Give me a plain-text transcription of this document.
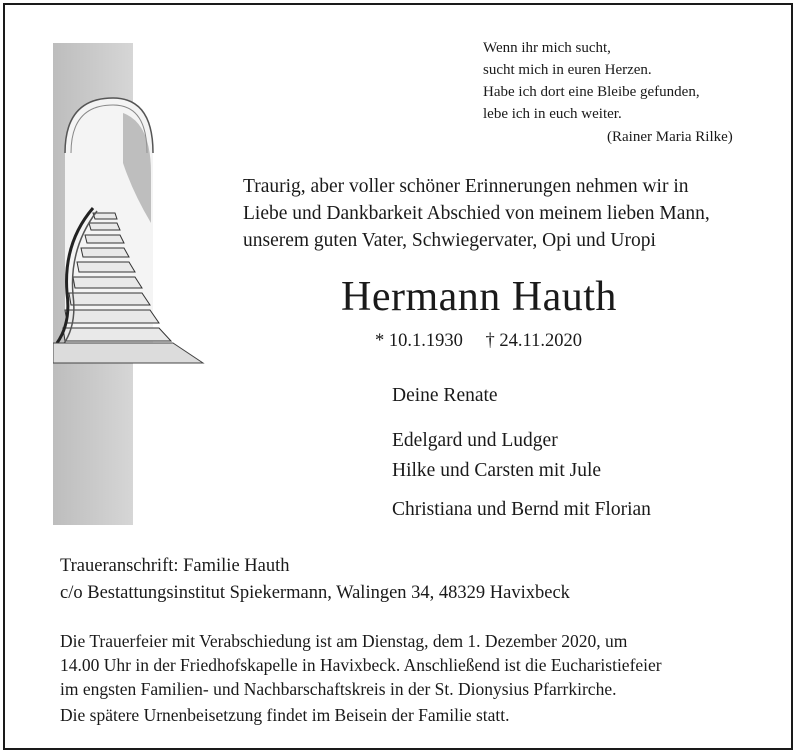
Wenn ihr mich sucht,
sucht mich in euren Herzen.
Habe ich dort eine Bleibe gefunden,
lebe ich in euch weiter.
(Rainer Maria Rilke)
Traurig, aber voller schöner Erinnerungen nehmen wir in
Liebe und Dankbarkeit Abschied von meinem lieben Mann,
unserem guten Vater, Schwiegervater, Opi und Uropi
Hermann Hauth
* 10.1.1930 † 24.11.2020
Deine Renate
Edelgard und Ludger
Hilke und Carsten mit Jule
Christiana und Bernd mit Florian
Traueranschrift: Familie Hauth
c/o Bestattungsinstitut Spiekermann, Walingen 34, 48329 Havixbeck
Die Trauerfeier mit Verabschiedung ist am Dienstag, dem 1. Dezember 2020, um
14.00 Uhr in der Friedhofskapelle in Havixbeck. Anschließend ist die Eucharistiefeier
im engsten Familien- und Nachbarschaftskreis in der St. Dionysius Pfarrkirche.
Die spätere Urnenbeisetzung findet im Beisein der Familie statt.
